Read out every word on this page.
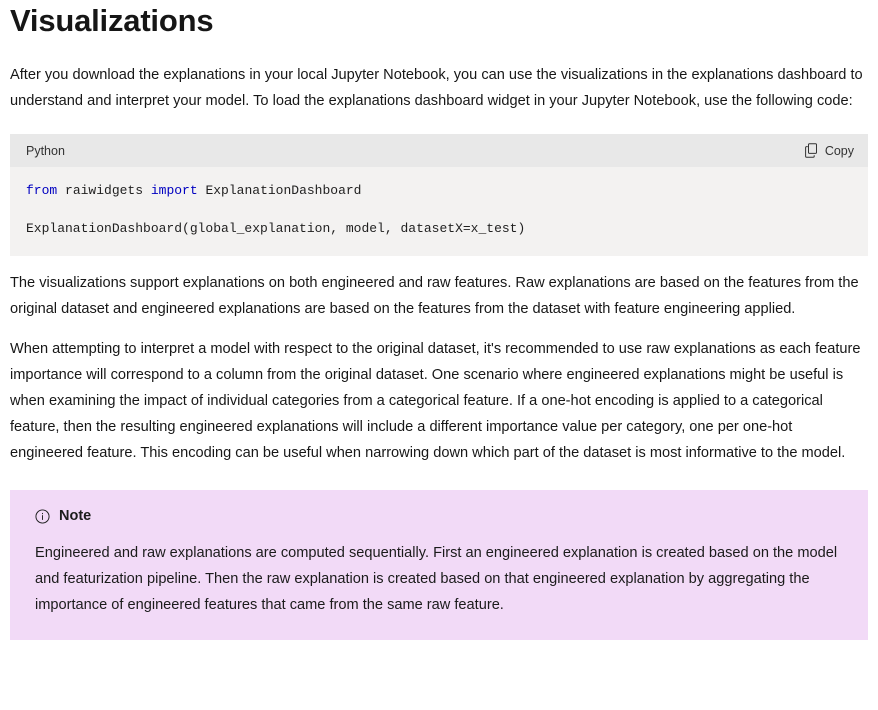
Visualizations

After you download the explanations in your local Jupyter Notebook, you can use the visualizations in the explanations dashboard to understand and interpret your model. To load the explanations dashboard widget in your Jupyter Notebook, use the following code:

Python	Copy
from raiwidgets import ExplanationDashboard
ExplanationDashboard(global_explanation, model, datasetX=x_test)

The visualizations support explanations on both engineered and raw features. Raw explanations are based on the features from the original dataset and engineered explanations are based on the features from the dataset with feature engineering applied.

When attempting to interpret a model with respect to the original dataset, it's recommended to use raw explanations as each feature importance will correspond to a column from the original dataset. One scenario where engineered explanations might be useful is when examining the impact of individual categories from a categorical feature. If a one-hot encoding is applied to a categorical feature, then the resulting engineered explanations will include a different importance value per category, one per one-hot engineered feature. This encoding can be useful when narrowing down which part of the dataset is most informative to the model.

Note
Engineered and raw explanations are computed sequentially. First an engineered explanation is created based on the model and featurization pipeline. Then the raw explanation is created based on that engineered explanation by aggregating the importance of engineered features that came from the same raw feature.
